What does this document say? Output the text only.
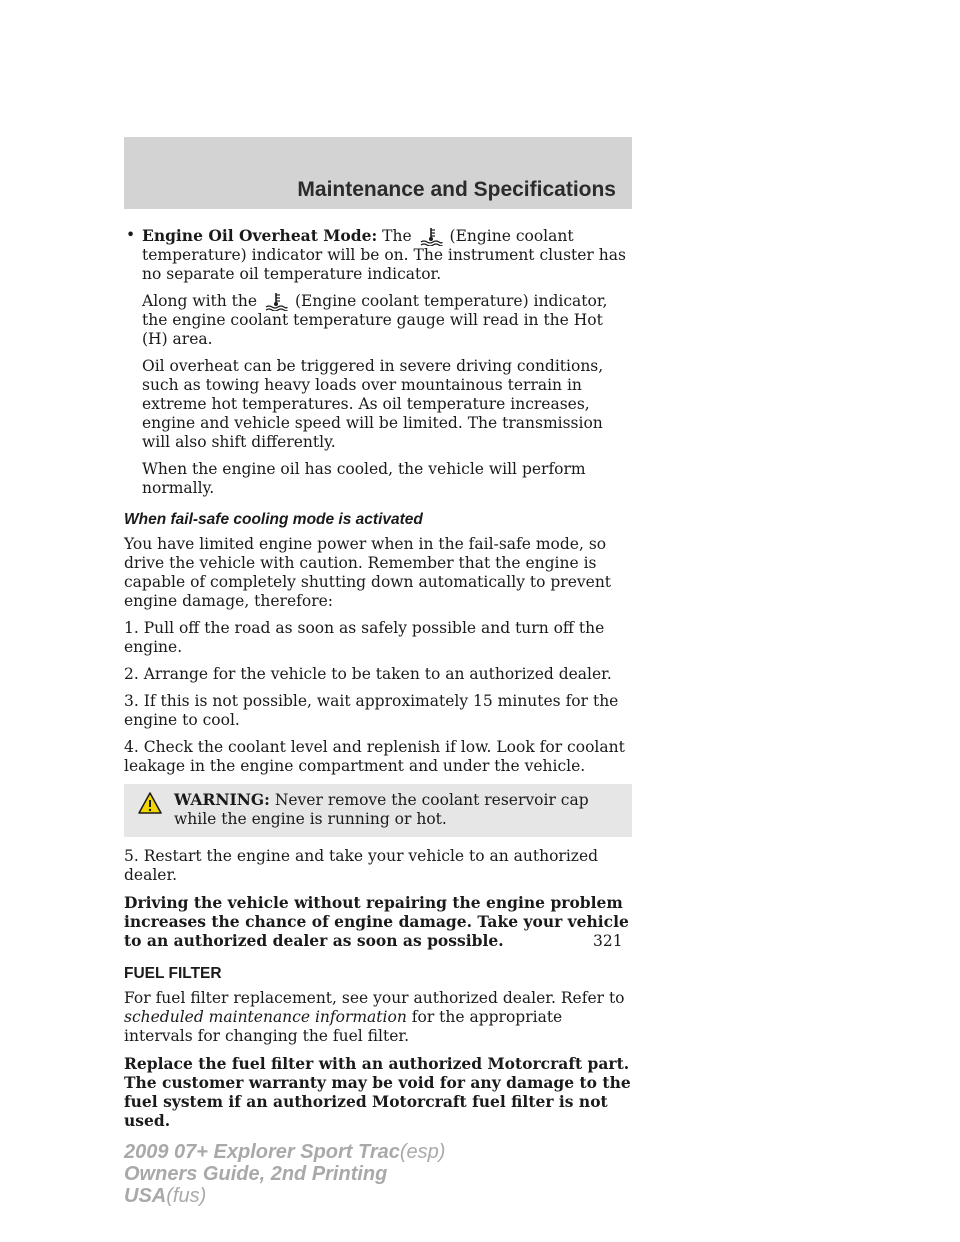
Maintenance and Specifications
• Engine Oil Overheat Mode: The (Engine coolant temperature) indicator will be on. The instrument cluster has no separate oil temperature indicator.

Along with the (Engine coolant temperature) indicator, the engine coolant temperature gauge will read in the Hot (H) area.

Oil overheat can be triggered in severe driving conditions, such as towing heavy loads over mountainous terrain in extreme hot temperatures. As oil temperature increases, engine and vehicle speed will be limited. The transmission will also shift differently.

When the engine oil has cooled, the vehicle will perform normally.

When fail-safe cooling mode is activated

You have limited engine power when in the fail-safe mode, so drive the vehicle with caution. Remember that the engine is capable of completely shutting down automatically to prevent engine damage, therefore:

1. Pull off the road as soon as safely possible and turn off the engine.

2. Arrange for the vehicle to be taken to an authorized dealer.

3. If this is not possible, wait approximately 15 minutes for the engine to cool.

4. Check the coolant level and replenish if low. Look for coolant leakage in the engine compartment and under the vehicle.

WARNING: Never remove the coolant reservoir cap while the engine is running or hot.

5. Restart the engine and take your vehicle to an authorized dealer.

Driving the vehicle without repairing the engine problem increases the chance of engine damage. Take your vehicle to an authorized dealer as soon as possible.

FUEL FILTER

For fuel filter replacement, see your authorized dealer. Refer to scheduled maintenance information for the appropriate intervals for changing the fuel filter.

Replace the fuel filter with an authorized Motorcraft part. The customer warranty may be void for any damage to the fuel system if an authorized Motorcraft fuel filter is not used.

321

2009 07+ Explorer Sport Trac(esp)
Owners Guide, 2nd Printing
USA(fus)
